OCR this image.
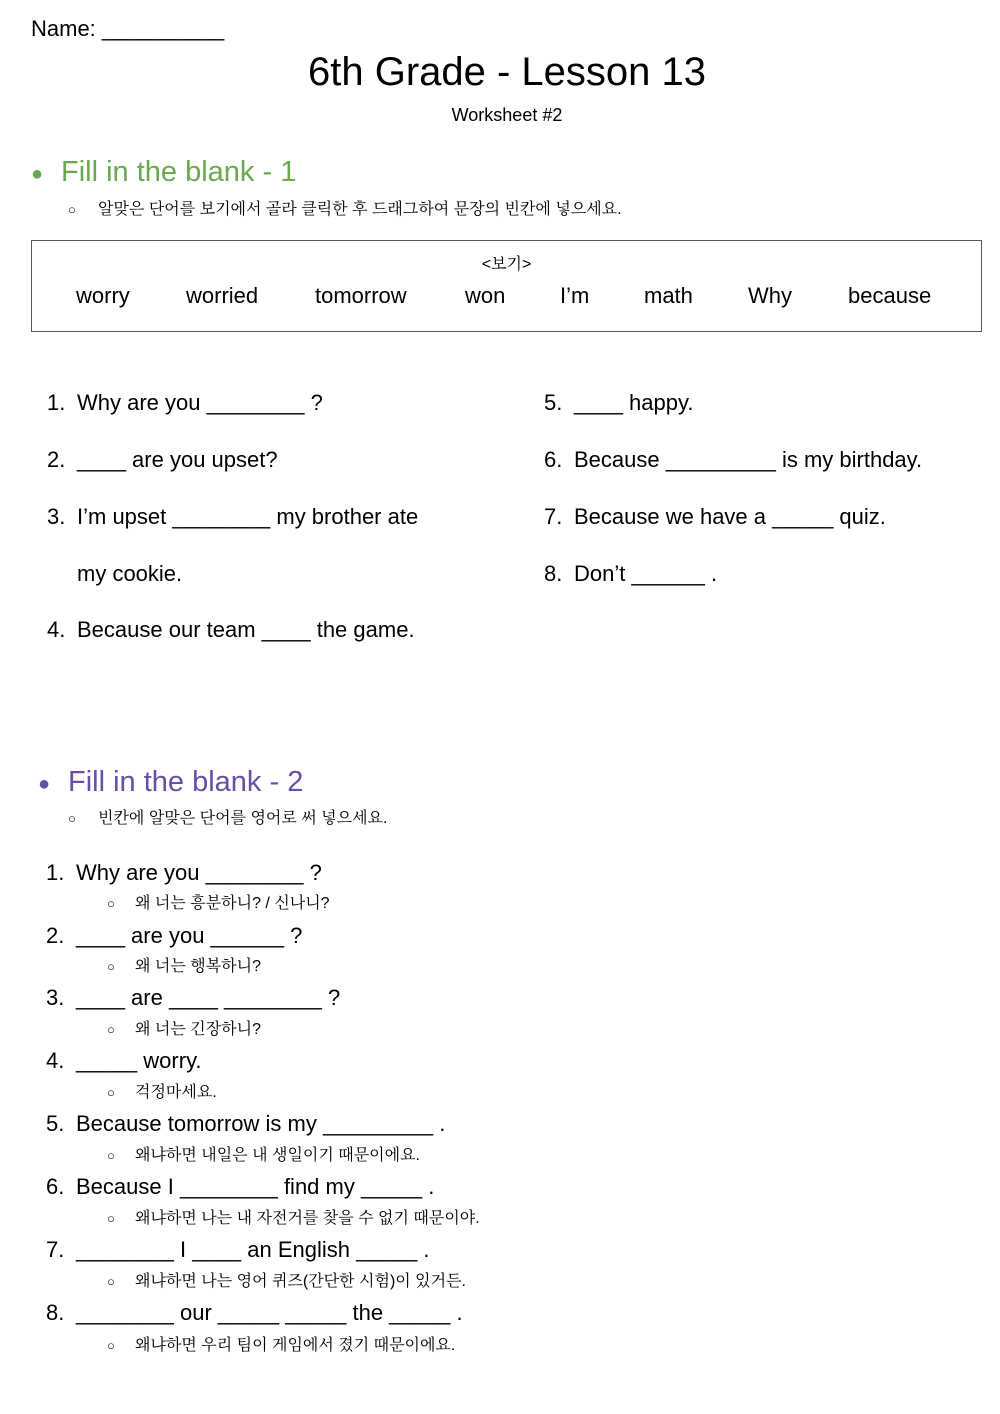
Name: __________
6th Grade - Lesson 13
Worksheet #2
● Fill in the blank - 1
○ 알맞은 단어를 보기에서 골라 클릭한 후 드래그하여 문장의 빈칸에 넣으세요.
<보기>
worry	worried	tomorrow	won I’m math	Why	because
1. Why are you ________ ?
2. ____ are you upset?
3. I’m upset ________ my brother ate
my cookie.
4. Because our team ____ the game.
5. ____ happy.
6. Because _________ is my birthday.
7. Because we have a _____ quiz.
8. Don’t ______ .
● Fill in the blank - 2
○ 빈칸에 알맞은 단어를 영어로 써 넣으세요.
1. Why are you ________ ?
○ 왜 너는 흥분하니? / 신나니?
2. ____ are you ______ ?
○ 왜 너는 행복하니?
3. ____ are ____ ________ ?
○ 왜 너는 긴장하니?
4. _____ worry.
○ 걱정마세요.
5. Because tomorrow is my _________ .
○ 왜냐하면 내일은 내 생일이기 때문이에요.
6. Because I ________ find my _____ .
○ 왜냐하면 나는 내 자전거를 찾을 수 없기 때문이야.
7. ________ I ____ an English _____ .
○ 왜냐하면 나는 영어 퀴즈(간단한 시험)이 있거든.
8. ________ our _____ _____ the _____ .
○ 왜냐하면 우리 팀이 게임에서 졌기 때문이에요.
